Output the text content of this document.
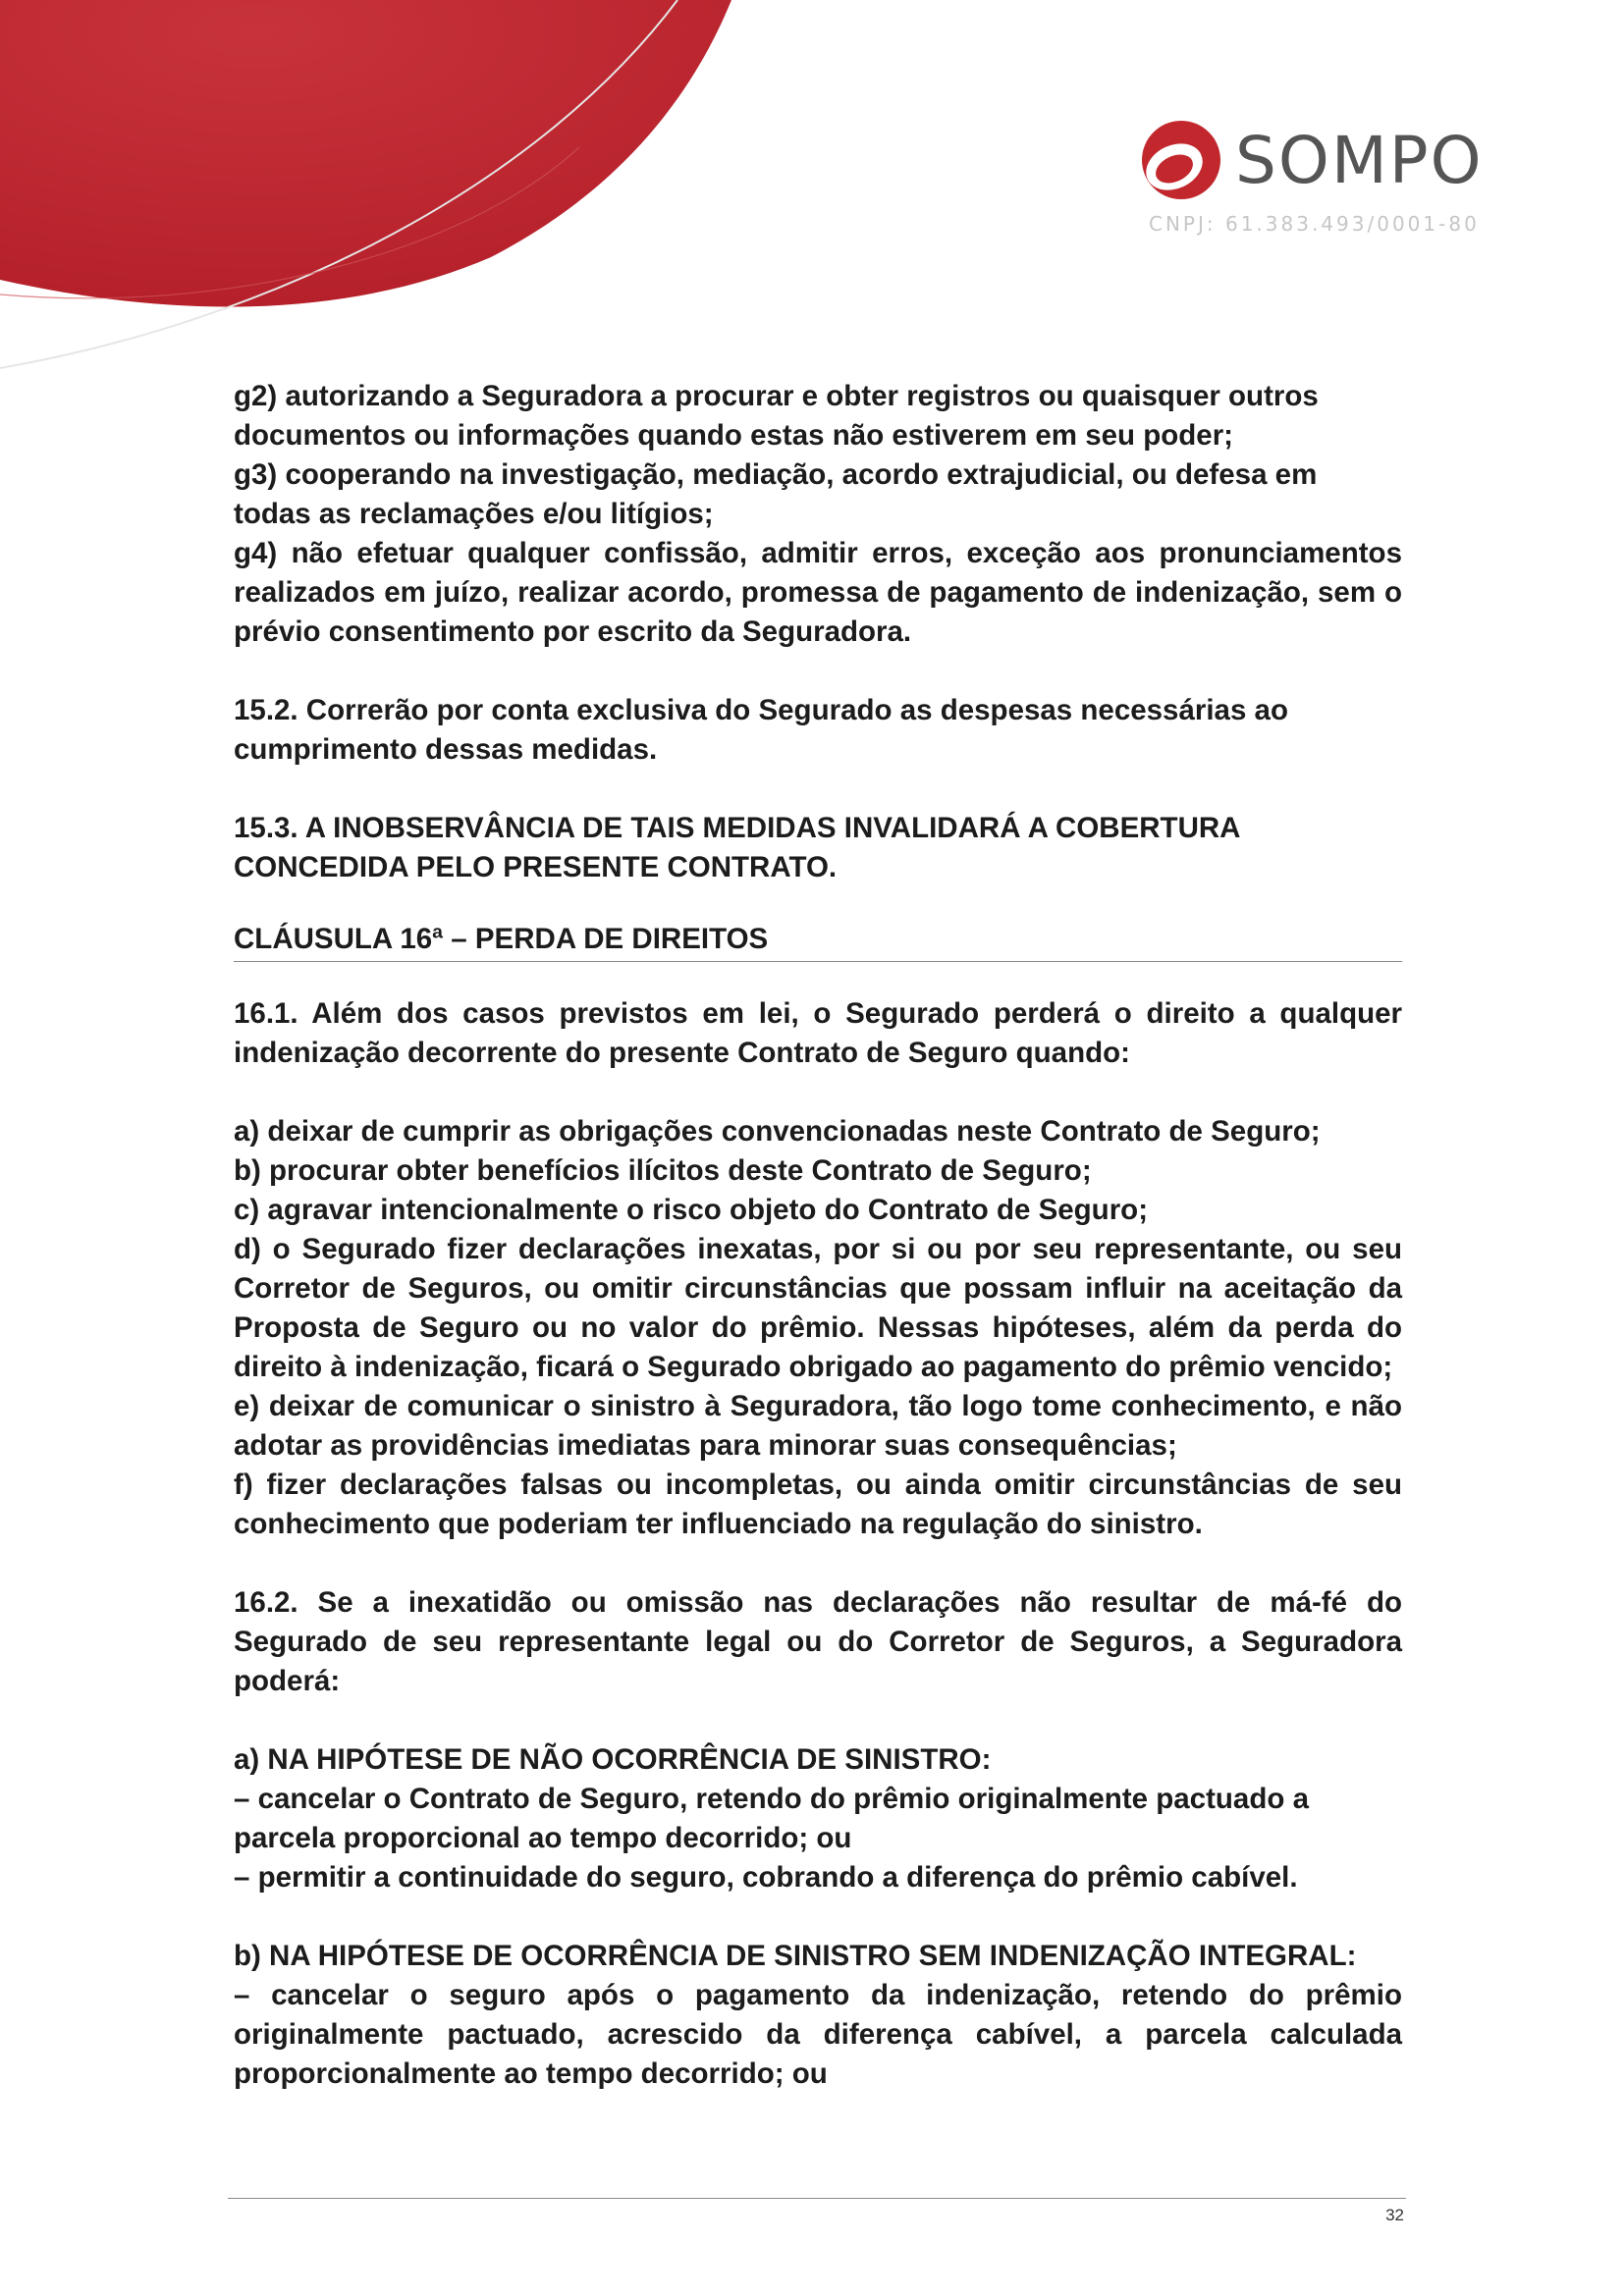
SOMPO
CNPJ: 61.383.493/0001-80

g2) autorizando a Seguradora a procurar e obter registros ou quaisquer outros documentos ou informações quando estas não estiverem em seu poder;

g3) cooperando na investigação, mediação, acordo extrajudicial, ou defesa em todas as reclamações e/ou litígios;

g4) não efetuar qualquer confissão, admitir erros, exceção aos pronunciamentos realizados em juízo, realizar acordo, promessa de pagamento de indenização, sem o prévio consentimento por escrito da Seguradora.

15.2. Correrão por conta exclusiva do Segurado as despesas necessárias ao cumprimento dessas medidas.

15.3. A INOBSERVÂNCIA DE TAIS MEDIDAS INVALIDARÁ A COBERTURA CONCEDIDA PELO PRESENTE CONTRATO.

CLÁUSULA 16ª – PERDA DE DIREITOS

16.1. Além dos casos previstos em lei, o Segurado perderá o direito a qualquer indenização decorrente do presente Contrato de Seguro quando:

a) deixar de cumprir as obrigações convencionadas neste Contrato de Seguro;

b) procurar obter benefícios ilícitos deste Contrato de Seguro;

c) agravar intencionalmente o risco objeto do Contrato de Seguro;

d) o Segurado fizer declarações inexatas, por si ou por seu representante, ou seu Corretor de Seguros, ou omitir circunstâncias que possam influir na aceitação da Proposta de Seguro ou no valor do prêmio. Nessas hipóteses, além da perda do direito à indenização, ficará o Segurado obrigado ao pagamento do prêmio vencido;

e) deixar de comunicar o sinistro à Seguradora, tão logo tome conhecimento, e não adotar as providências imediatas para minorar suas consequências;

f) fizer declarações falsas ou incompletas, ou ainda omitir circunstâncias de seu conhecimento que poderiam ter influenciado na regulação do sinistro.

16.2. Se a inexatidão ou omissão nas declarações não resultar de má-fé do Segurado de seu representante legal ou do Corretor de Seguros, a Seguradora poderá:

a) NA HIPÓTESE DE NÃO OCORRÊNCIA DE SINISTRO:

– cancelar o Contrato de Seguro, retendo do prêmio originalmente pactuado a parcela proporcional ao tempo decorrido; ou

– permitir a continuidade do seguro, cobrando a diferença do prêmio cabível.

b) NA HIPÓTESE DE OCORRÊNCIA DE SINISTRO SEM INDENIZAÇÃO INTEGRAL:

– cancelar o seguro após o pagamento da indenização, retendo do prêmio originalmente pactuado, acrescido da diferença cabível, a parcela calculada proporcionalmente ao tempo decorrido; ou

32
